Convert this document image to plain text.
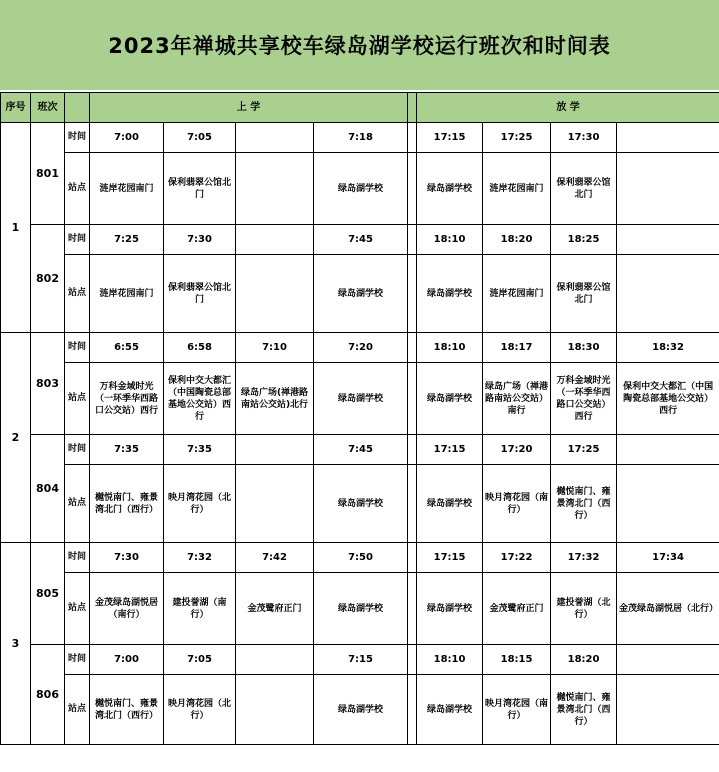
2023年禅城共享校车绿岛湖学校运行班次和时间表
序号	班次		上 学					放 学			
1	801	时间	7:00	7:05		7:18		17:15	17:25	17:30	
		站点	涟岸花园南门	保利翡翠公馆北门		绿岛湖学校		绿岛湖学校	涟岸花园南门	保利翡翠公馆北门	
	802	时间	7:25	7:30		7:45		18:10	18:20	18:25	
		站点	涟岸花园南门	保利翡翠公馆北门		绿岛湖学校		绿岛湖学校	涟岸花园南门	保利翡翠公馆北门	
2	803	时间	6:55	6:58	7:10	7:20		18:10	18:17	18:30	18:32
		站点	万科金域时光（一环季华西路口公交站）西行	保利中交大都汇（中国陶瓷总部基地公交站）西行	绿岛广场(禅港路南站公交站)北行	绿岛湖学校		绿岛湖学校	绿岛广场（禅港路南站公交站）南行	万科金域时光（一环季华西路口公交站）西行	保利中交大都汇（中国陶瓷总部基地公交站）西行
	804	时间	7:35	7:35		7:45		17:15	17:20	17:25	
		站点	樾悦南门、雍景湾北门（西行）	映月湾花园（北行）		绿岛湖学校		绿岛湖学校	映月湾花园（南行）	樾悦南门、雍景湾北门（西行）	
3	805	时间	7:30	7:32	7:42	7:50		17:15	17:22	17:32	17:34
		站点	金茂绿岛湖悦居（南行）	建投誉湖（南行）	金茂鹭府正门	绿岛湖学校		绿岛湖学校	金茂鹭府正门	建投誉湖（北行）	金茂绿岛湖悦居（北行）
	806	时间	7:00	7:05		7:15		18:10	18:15	18:20	
		站点	樾悦南门、雍景湾北门（西行）	映月湾花园（北行）		绿岛湖学校		绿岛湖学校	映月湾花园（南行）	樾悦南门、雍景湾北门（西行）	
